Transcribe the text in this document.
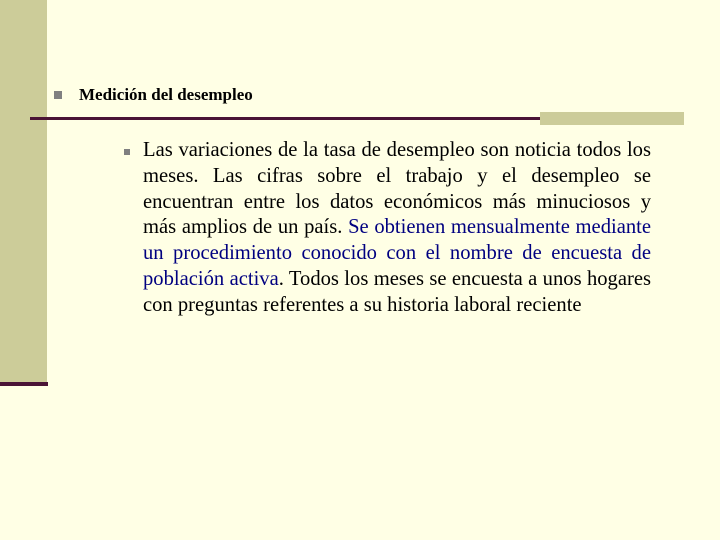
Medición del desempleo

Las variaciones de la tasa de desempleo son noticia todos los meses. Las cifras sobre el trabajo y el desempleo se encuentran entre los datos económicos más minuciosos y más amplios de un país. Se obtienen mensualmente mediante un procedimiento conocido con el nombre de encuesta de población activa. Todos los meses se encuesta a unos hogares con preguntas referentes a su historia laboral reciente
